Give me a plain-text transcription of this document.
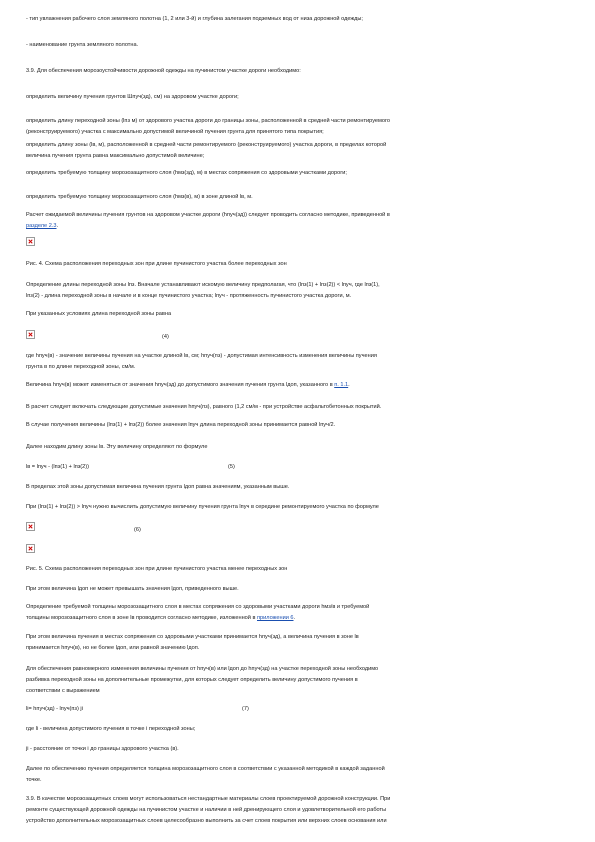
- тип увлажнения рабочего слоя земляного полотна (1, 2 или 3-й) и глубина залегания подземных вод от низа дорожной одежды;

- наименование грунта земляного полотна.

3.9. Для обеспечения морозоустойчивости дорожной одежды на пучинистом участке дороги необходимо:

определить величину пучения грунтов Шпуч(зд), см) на здоровом участке дороги;

определить длину переходной зоны (lпз м) от здорового участка дороги до границы зоны, расположенной в средней части ремонтируемого

(реконструируемого) участка с максимально допустимой величиной пучения грунта для принятого типа покрытия;

определить длину зоны (lв, м), расположенной в средней части ремонтируемого (реконструируемого) участка дороги, в пределах которой

величина пучения грунта равна максимально допустимой величине;

определить требуемую толщину морозозащитного слоя (hмз(зд), м) в местах сопряжения со здоровыми участками дороги;

определить требуемую толщину морозозащитного слоя (hмз(в), м) в зоне длиной lв, м.

Расчет ожидаемой величины пучения грунтов на здоровом участке дороги (hпуч(зд)) следует проводить согласно методике, приведенной в

разделе 2.3.

Рис. 4. Схема расположения переходных зон при длине пучинистого участка более переходных зон

Определение длины переходной зоны lпз. Вначале устанавливают искомую величину предполагая, что (lпз(1) + lпз(2)) < lпуч, где lпз(1),

lпз(2) - длина переходной зоны в начале и в конце пучинистого участка; lпуч - протяженность пучинистого участка дороги, м.

При указанных условиях длина переходной зоны равна

(4)

где hпуч(в) - значение величины пучения на участке длиной lв, см; hпуч(пз) - допустимая интенсивность изменения величины пучения

грунта в по длине переходной зоны, см/м.

Величина hпуч(в) может изменяться от значения hпуч(зд) до допустимого значения пучения грунта lдоп, указанного в п. 1.1.

В расчет следует включать следующие допустимые значения hпуч(пз), равного (1,2 см/м - при устройстве асфальтобетонных покрытий.

В случае получения величины (lпз(1) + lпз(2)) более значения lпуч длина переходной зоны принимается равной lпуч/2.

Далее находим длину зоны lв. Эту величину определяют по формуле

lв = lпуч - (lпз(1) + lпз(2))	(5)

В пределах этой зоны допустимая величина пучения грунта lдоп равна значениям, указанным выше.

При (lпз(1) + lпз(2)) > lпуч нужно вычислить допустимую величину пучения грунта lпуч в середине ремонтируемого участка по формуле

(6)

Рис. 5. Схема расположения переходных зон при длине пучинистого участка менее переходных зон

При этом величина lдоп не может превышать значения lдоп, приведенного выше.

Определение требуемой толщины морозозащитного слоя в местах сопряжения со здоровыми участками дороги hмз/в и требуемой

толщины морозозащитного слоя в зоне lв проводится согласно методике, изложенной в приложении 6.

При этом величина пучения в местах сопряжения со здоровыми участками принимается hпуч(зд), а величина пучения в зоне lв

принимается hпуч(в), но не более lдоп, или равной значению lдоп.

Для обеспечения равномерного изменения величины пучения от hпуч(в) или lдоп до hпуч(зд) на участке переходной зоны необходимо

разбивка переходной зоны на дополнительные промежутки, для которых следует определить величину допустимого пучения в

соответствии с выражением

li= hпуч(зд) - lпуч(пз) ji	(7)

где li - величина допустимого пучения в точке i переходной зоны;

ji - расстояние от точки i до границы здорового участка (в).

Далее по обеспечению пучения определяется толщина морозозащитного слоя в соответствии с указанной методикой в каждой заданной

точке.

3.9. В качестве морозозащитных слоев могут использоваться нестандартные материалы слоев проектируемой дорожной конструкции. При

ремонте существующей дорожной одежды на пучинистом участке и наличии в ней дренирующего слоя и удовлетворительной его работы

устройство дополнительных морозозащитных слоев целесообразно выполнить за счет слоев покрытия или верхних слоев основания или
